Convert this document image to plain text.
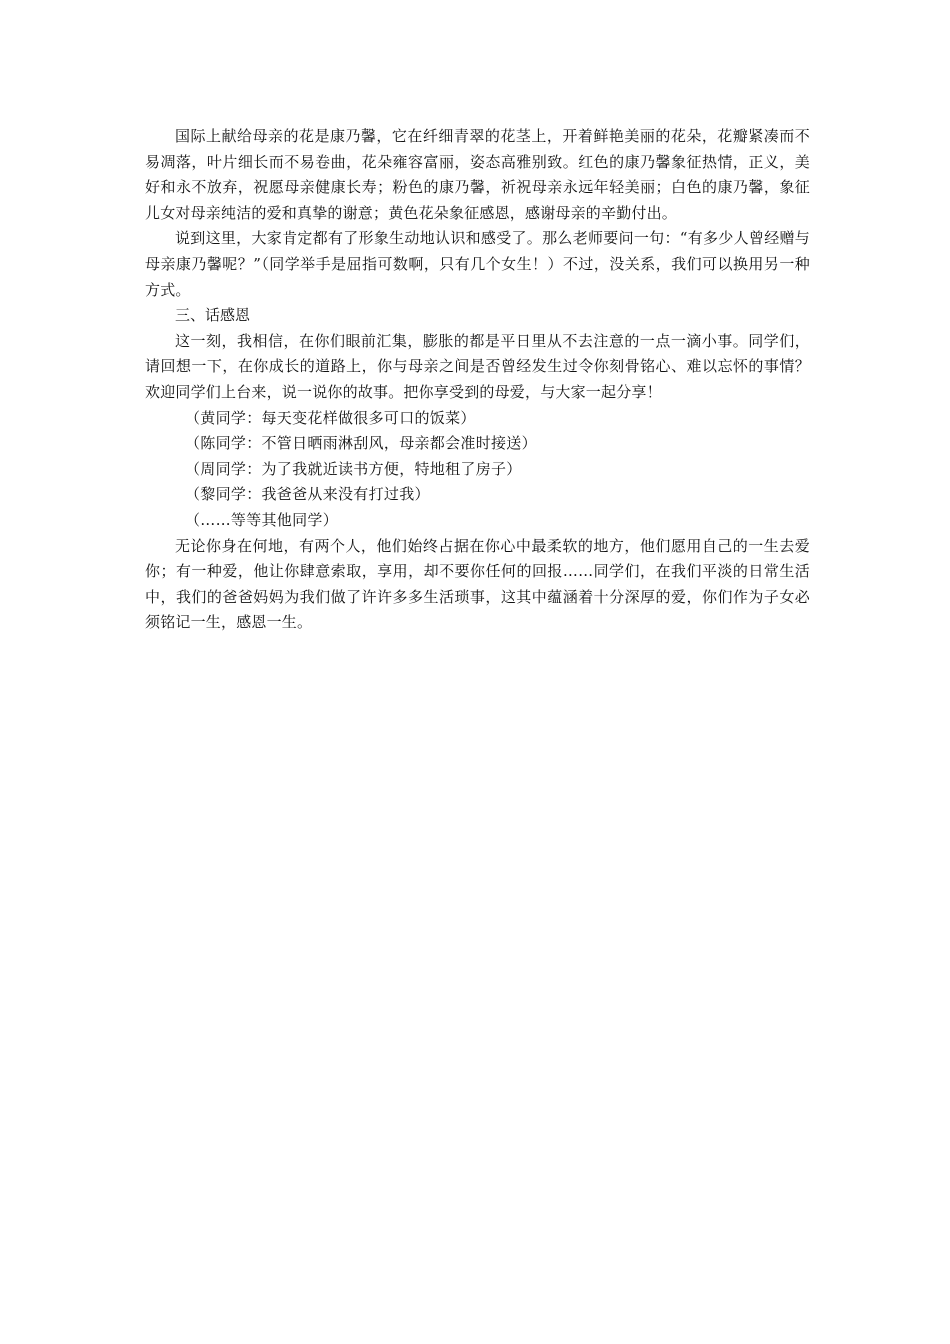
国际上献给母亲的花是康乃馨，它在纤细青翠的花茎上，开着鲜艳美丽的花朵，花瓣紧凑而不易凋落，叶片细长而不易卷曲，花朵雍容富丽，姿态高雅别致。红色的康乃馨象征热情，正义，美好和永不放弃，祝愿母亲健康长寿；粉色的康乃馨，祈祝母亲永远年轻美丽；白色的康乃馨，象征儿女对母亲纯洁的爱和真挚的谢意；黄色花朵象征感恩，感谢母亲的辛勤付出。

说到这里，大家肯定都有了形象生动地认识和感受了。那么老师要问一句：“有多少人曾经赠与母亲康乃馨呢？”（同学举手是屈指可数啊，只有几个女生！）不过，没关系，我们可以换用另一种方式。

三、话感恩

这一刻，我相信，在你们眼前汇集，膨胀的都是平日里从不去注意的一点一滴小事。同学们，请回想一下，在你成长的道路上，你与母亲之间是否曾经发生过令你刻骨铭心、难以忘怀的事情？欢迎同学们上台来，说一说你的故事。把你享受到的母爱，与大家一起分享！

（黄同学：每天变花样做很多可口的饭菜）

（陈同学：不管日晒雨淋刮风，母亲都会准时接送）

（周同学：为了我就近读书方便，特地租了房子）

（黎同学：我爸爸从来没有打过我）

（……等等其他同学）

无论你身在何地，有两个人，他们始终占据在你心中最柔软的地方，他们愿用自己的一生去爱你；有一种爱，他让你肆意索取，享用，却不要你任何的回报……同学们，在我们平淡的日常生活中，我们的爸爸妈妈为我们做了许许多多生活琐事，这其中蕴涵着十分深厚的爱，你们作为子女必须铭记一生，感恩一生。
